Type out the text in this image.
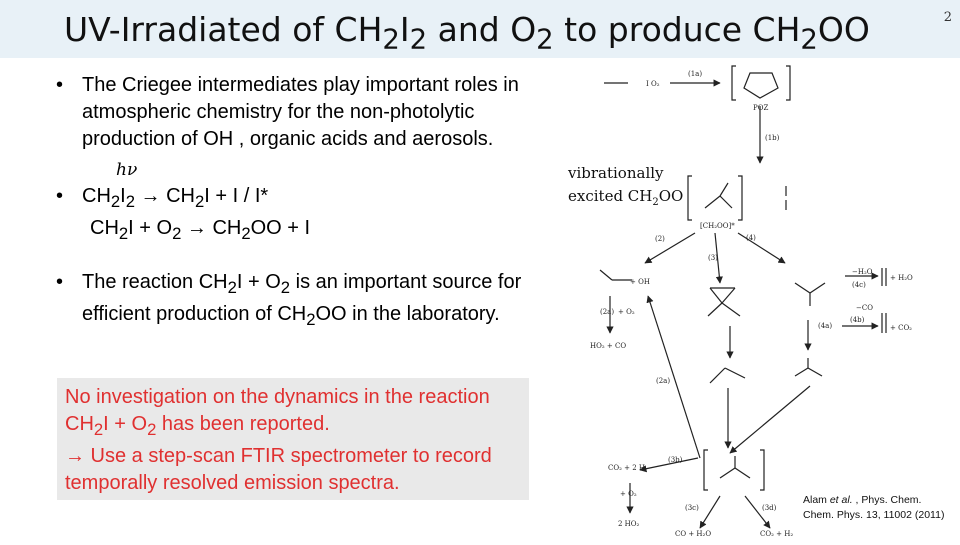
UV-Irradiated of $CH_2I_2$ and $O_2$ to produce $CH_2OO$	2
• The Criegee intermediates play important roles in atmospheric chemistry for the non-photolytic production of OH , organic acids and aerosols.
•
hν
$CH_2I_2 \to CH_2I + I / I*$
$CH_2I + O_2 \to CH_2OO + I$
• The reaction $CH_2I + O_2$ is an important source for efficient production of $CH_2OO$ in the laboratory.
No investigation on the dynamics in the reaction $CH_2I + O_2$ has been reported.
→ Use a step-scan FTIR spectrometer to record temporally resolved emission spectra.
I O₂
(1a)
POZ
(1b)
[CH₂OO]*
(2)
(3)
(4)
+ OH
(2a) + O₂
HO₂ + CO
−H₂O
(4c)
+ H₂O
−CO
(4b)
+ CO₂
(4a)
(2a)
(3b)
CO₂ + 2 H
+ O₂
2 HO₂
(3c)	(3d)
CO + H₂O	CO₂ + H₂
vibrationally
excited $CH_2OO$
Alam et al. , Phys. Chem.
Chem. Phys. 13, 11002 (2011)
